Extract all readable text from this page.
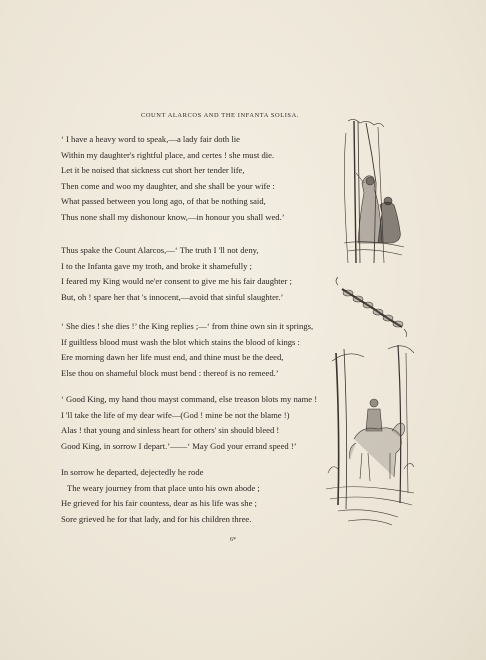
COUNT ALARCOS AND THE INFANTA SOLISA.
‘ I have a heavy word to speak,—a lady fair doth lie
Within my daughter's rightful place, and certes ! she must die.
Let it be noised that sickness cut short her tender life,
Then come and woo my daughter, and she shall be your wife :
What passed between you long ago, of that be nothing said,
Thus none shall my dishonour know,—in honour you shall wed.’
Thus spake the Count Alarcos,—‘ The truth I 'll not deny,
I to the Infanta gave my troth, and broke it shamefully ;
I feared my King would ne'er consent to give me his fair daughter ;
But, oh ! spare her that 's innocent,—avoid that sinful slaughter.’
‘ She dies ! she dies !’ the King replies ;—‘ from thine own sin it springs,
If guiltless blood must wash the blot which stains the blood of kings :
Ere morning dawn her life must end, and thine must be the deed,
Else thou on shameful block must bend : thereof is no remeed.’
‘ Good King, my hand thou mayst command, else treason blots my name !
I 'll take the life of my dear wife—(God ! mine be not the blame !)
Alas ! that young and sinless heart for others' sin should bleed !
Good King, in sorrow I depart.’——‘ May God your errand speed !’
In sorrow he departed, dejectedly he rode
The weary journey from that place unto his own abode ;
He grieved for his fair countess, dear as his life was she ;
Sore grieved he for that lady, and for his children three.
6*
